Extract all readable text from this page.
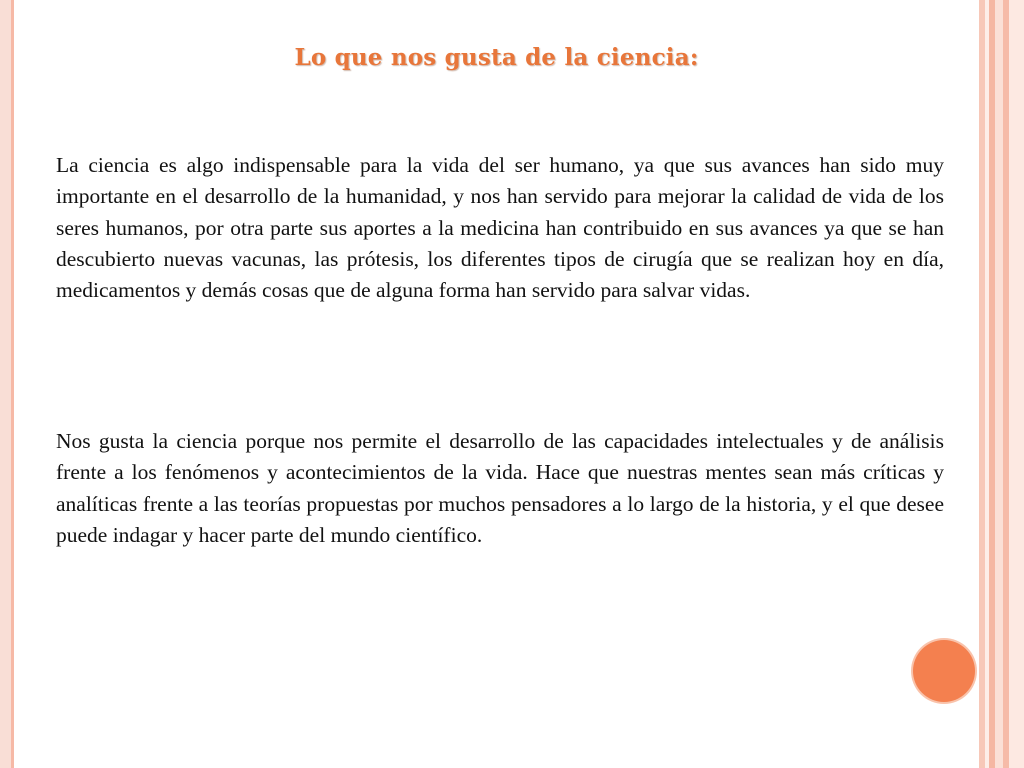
Lo que nos gusta de la ciencia:
La ciencia es algo indispensable para la vida del ser humano, ya que sus avances han sido muy importante en el desarrollo de la humanidad, y nos han servido para mejorar la calidad de vida de los seres humanos, por otra parte sus aportes a la medicina han contribuido en sus avances ya que se han descubierto nuevas vacunas, las prótesis, los diferentes tipos de cirugía que se realizan hoy en día, medicamentos y demás cosas que de alguna forma han servido para salvar vidas.
Nos gusta la ciencia porque nos permite el desarrollo de las capacidades intelectuales y de análisis frente a los fenómenos y acontecimientos de la vida. Hace que nuestras mentes sean más críticas y analíticas frente a las teorías propuestas por muchos pensadores a lo largo de la historia, y el que desee puede indagar y hacer parte del mundo científico.
